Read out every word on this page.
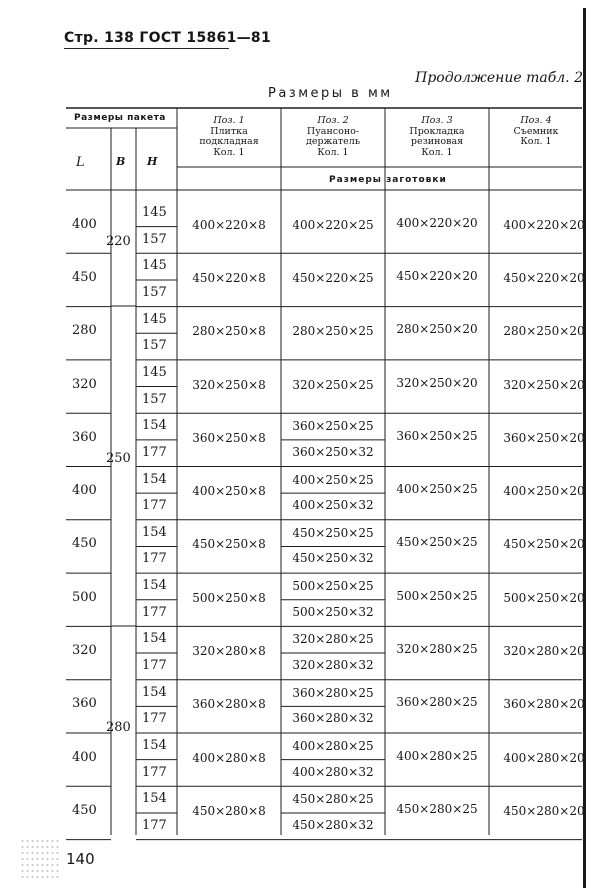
Стр. 138 ГОСТ 15861—81
Продолжение табл. 2
Размеры в мм
Размеры пакета
L	B H
Поз. 1
Плитка
подкладная
Кол. 1
Поз. 2
Пуансоно-
держатель
Кол. 1
Поз. 3
Прокладка
резиновая
Кол. 1
Поз. 4
Съемник
Кол. 1
Размеры заготовки
220
250
280
400
145
157
400×220×8 400×220×25 400×220×20 400×220×20
450
145
157
450×220×8 450×220×25 450×220×20 450×220×20
280
145
157
280×250×8 280×250×25 280×250×20 280×250×20
320
145
157
320×250×8 320×250×25 320×250×20 320×250×20
360
154
177
360×250×8
360×250×25
360×250×32
360×250×25 360×250×20
400
154
177
400×250×8
400×250×25
400×250×32
400×250×25 400×250×20
450
154
177
450×250×8
450×250×25
450×250×32
450×250×25 450×250×20
500
154
177
500×250×8
500×250×25
500×250×32
500×250×25 500×250×20
320
154
177
320×280×8
320×280×25
320×280×32
320×280×25 320×280×20
360
154
177
360×280×8
360×280×25
360×280×32
360×280×25 360×280×20
400
154
177
400×280×8
400×280×25
400×280×32
400×280×25 400×280×20
450
154
177
450×280×8
450×280×25
450×280×32
450×280×25 450×280×20
140
